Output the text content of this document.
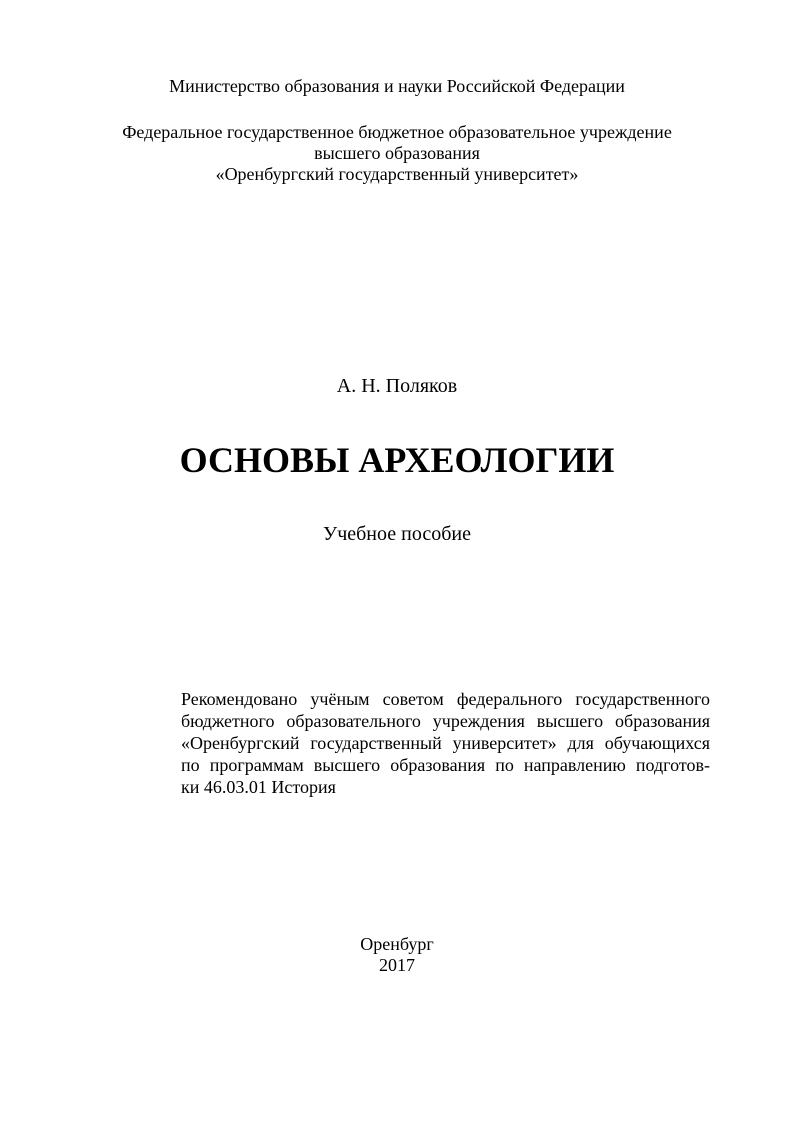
Министерство образования и науки Российской Федерации
Федеральное государственное бюджетное образовательное учреждение
высшего образования
«Оренбургский государственный университет»
А. Н. Поляков
ОСНОВЫ АРХЕОЛОГИИ
Учебное пособие
Рекомендовано учёным советом федерального государственного
бюджетного образовательного учреждения высшего образования
«Оренбургский государственный университет» для обучающихся
по программам высшего образования по направлению подготов-
ки 46.03.01 История
Оренбург
2017
